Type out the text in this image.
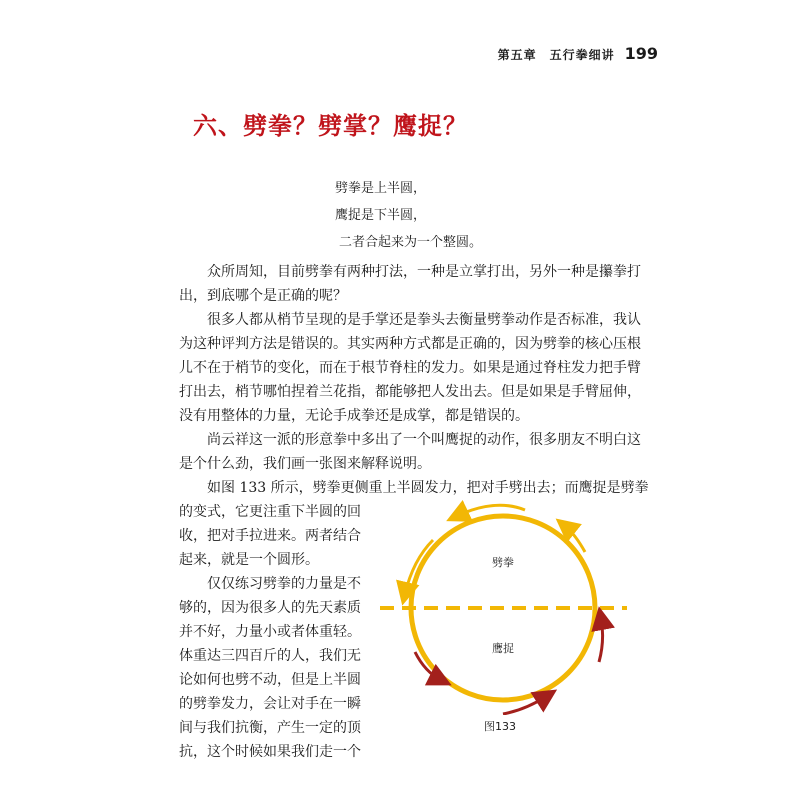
第五章　五行拳细讲 199
六、劈拳？劈掌？鹰捉？
劈拳是上半圆，
鹰捉是下半圆，
二者合起来为一个整圆。

众所周知，目前劈拳有两种打法，一种是立掌打出，另外一种是攥拳打
出，到底哪个是正确的呢？

很多人都从梢节呈现的是手掌还是拳头去衡量劈拳动作是否标准，我认
为这种评判方法是错误的。其实两种方式都是正确的，因为劈拳的核心压根
儿不在于梢节的变化，而在于根节脊柱的发力。如果是通过脊柱发力把手臂
打出去，梢节哪怕捏着兰花指，都能够把人发出去。但是如果是手臂屈伸，
没有用整体的力量，无论手成拳还是成掌，都是错误的。

尚云祥这一派的形意拳中多出了一个叫鹰捉的动作，很多朋友不明白这
是个什么劲，我们画一张图来解释说明。

如图 133 所示，劈拳更侧重上半圆发力，把对手劈出去；而鹰捉是劈拳

的变式，它更注重下半圆的回
收，把对手拉进来。两者结合
起来，就是一个圆形。
仅仅练习劈拳的力量是不
够的，因为很多人的先天素质
并不好，力量小或者体重轻。
体重达三四百斤的人，我们无
论如何也劈不动，但是上半圆
的劈拳发力，会让对手在一瞬
间与我们抗衡，产生一定的顶
抗，这个时候如果我们走一个
劈拳
鹰捉
图133
